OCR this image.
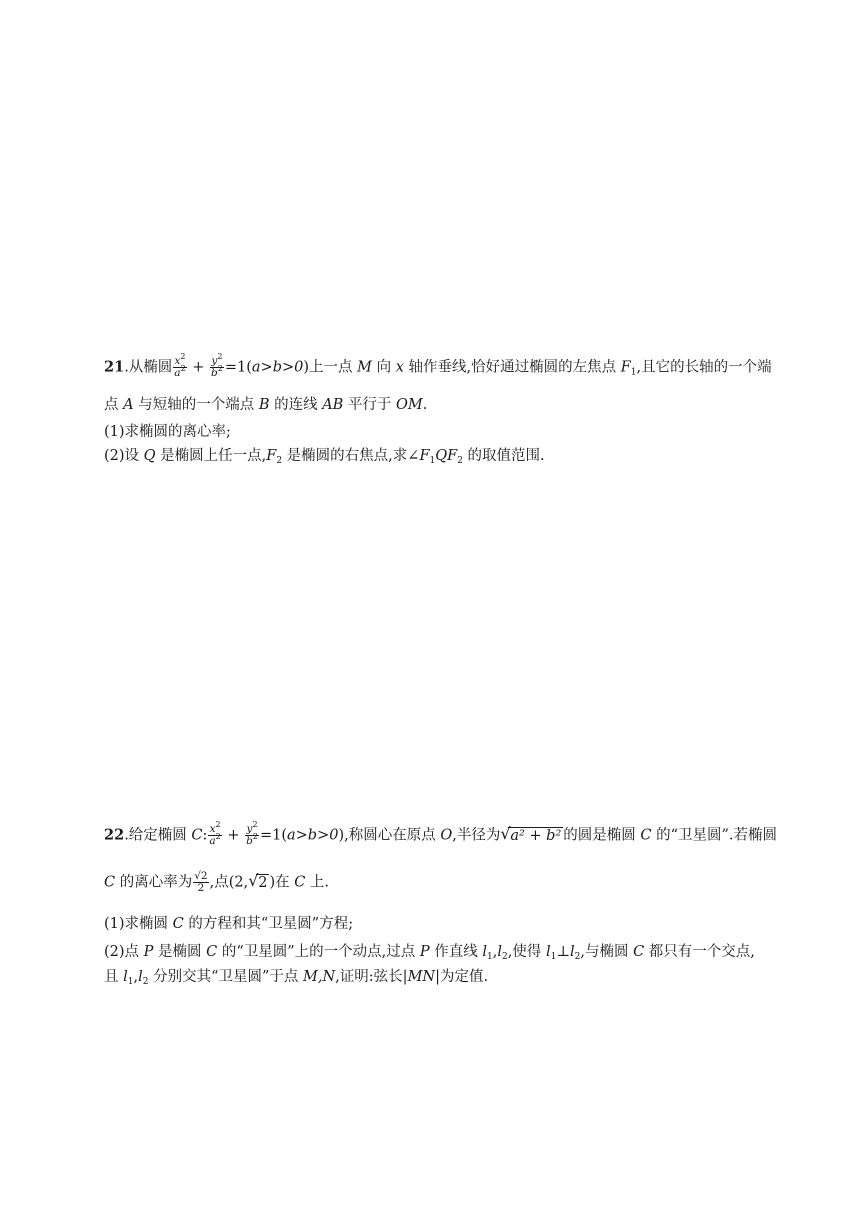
21.从椭圆 $\frac{x^2}{a^2} + \frac{y^2}{b^2} =1(a>b>0)$上一点 M 向 x 轴作垂线,恰好通过椭圆的左焦点 $F_1$,且它的长轴的一个端
点 A 与短轴的一个端点 B 的连线 AB 平行于 OM.
(1)求椭圆的离心率;
(2)设 Q 是椭圆上任一点$,F_2$ 是椭圆的右焦点,求$\angle F_1QF_2$ 的取值范围.
22.给定椭圆 C: $\frac{x^2}{a^2} + \frac{y^2}{b^2} =1(a>b>0)$,称圆心在原点 O,半径为 √ a² + b² 的圆是椭圆 C 的“卫星圆”.若椭圆
C 的离心率为 $\frac{√2}{2}$ ,点(2, √ 2 )在 C 上.
(1)求椭圆 C 的方程和其“卫星圆”方程;
(2)点 P 是椭圆 C 的“卫星圆”上的一个动点,过点 P 作直线 $l_1,l_2$,使得 $l_1\perp l_2$,与椭圆 C 都只有一个交点,
且 $l_1,l_2$ 分别交其“卫星圆”于点 M,N,证明:弦长|MN|为定值.
